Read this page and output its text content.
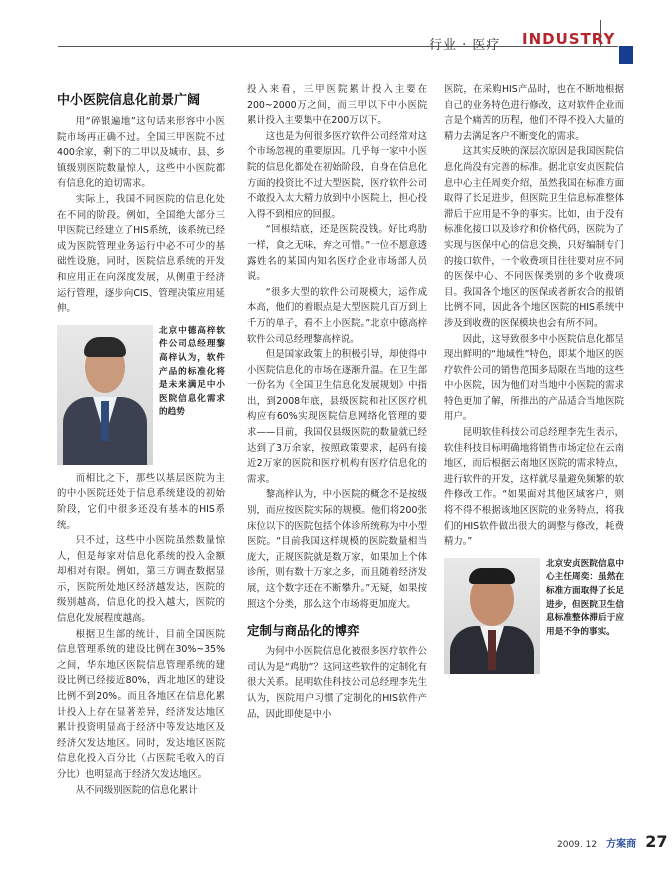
行业 · 医疗 INDUSTRY
中小医院信息化前景广阔

用“碎银遍地”这句话来形容中小医院市场再正确不过。全国三甲医院不过400余家，剩下的二甲以及城市、县、乡镇级别医院数量惊人，这些中小医院都有信息化的迫切需求。

实际上，我国不同医院的信息化处在不同的阶段。例如，全国绝大部分三甲医院已经建立了HIS系统，该系统已经成为医院管理业务运行中必不可少的基础性设施，同时，医院信息系统的开发和应用正在向深度发展，从侧重于经济运行管理，逐步向CIS、管理决策应用延伸。

北京中德高梓软件公司总经理黎高梓认为，软件产品的标准化将是未来满足中小医院信息化需求的趋势

而相比之下，那些以基层医院为主的中小医院还处于信息系统建设的初始阶段，它们中很多还没有基本的HIS系统。

只不过，这些中小医院虽然数量惊人，但是每家对信息化系统的投入金额却相对有限。例如，第三方调查数据显示，医院所处地区经济越发达，医院的级别越高，信息化的投入越大，医院的信息化发展程度越高。

根据卫生部的统计，目前全国医院信息管理系统的建设比例在30%~35%之间，华东地区医院信息管理系统的建设比例已经接近80%，西北地区的建设比例不到20%。而且各地区在信息化累计投入上存在显著差异，经济发达地区累计投资明显高于经济中等发达地区及经济欠发达地区。同时，发达地区医院信息化投入百分比（占医院毛收入的百分比）也明显高于经济欠发达地区。

从不同级别医院的信息化累计

投入来看，三甲医院累计投入主要在200~2000万之间，而三甲以下中小医院累计投入主要集中在200万以下。

这也是为何很多医疗软件公司经常对这个市场忽视的重要原因。几乎每一家中小医院的信息化都处在初始阶段，自身在信息化方面的投资比不过大型医院，医疗软件公司不敢投入太大精力放到中小医院上，担心投入得不到相应的回报。

“回根结底，还是医院没钱。好比鸡肋一样，食之无味，弃之可惜。”一位不愿意透露姓名的某国内知名医疗企业市场部人员说。

“很多大型的软件公司规模大，运作成本高，他们的着眼点是大型医院几百万到上千万的单子，看不上小医院。”北京中德高梓软件公司总经理黎高梓说。

但是国家政策上的积极引导，却使得中小医院信息化的市场在逐渐升温。在卫生部一份名为《全国卫生信息化发展规划》中指出，到2008年底，县级医院和社区医疗机构应有60%实现医院信息网络化管理的要求——目前，我国仅县级医院的数量就已经达到了3万余家，按照政策要求，起码有接近2万家的医院和医疗机构有医疗信息化的需求。

黎高梓认为，中小医院的概念不是按级别，而应按医院实际的规模。他们将200张床位以下的医院包括个体诊所统称为中小型医院。“目前我国这样规模的医院数量相当庞大，正规医院就是数万家，如果加上个体诊所，则有数十万家之多，而且随着经济发展，这个数字还在不断攀升。”无疑，如果按照这个分类，那么这个市场将更加庞大。

定制与商品化的博弈

为何中小医院信息化被很多医疗软件公司认为是“鸡肋”？这同这些软件的定制化有很大关系。昆明软佳科技公司总经理李先生认为，医院用户习惯了定制化的HIS软件产品，因此即使是中小

医院，在采购HIS产品时，也在不断地根据自己的业务特色进行修改，这对软件企业而言是个痛苦的历程，他们不得不投入大量的精力去满足客户不断变化的需求。

这其实反映的深层次原因是我国医院信息化尚没有完善的标准。据北京安贞医院信息中心主任周奕介绍，虽然我国在标准方面取得了长足进步，但医院卫生信息标准整体滞后于应用是不争的事实。比如，由于没有标准化接口以及诊疗和价格代码，医院为了实现与医保中心的信息交换，只好编制专门的接口软件，一个收费项目往往要对应不同的医保中心、不同医保类别的多个收费项目。我国各个地区的医保或者新农合的报销比例不同，因此各个地区医院的HIS系统中涉及到收费的医保模块也会有所不同。

因此，这导致很多中小医院信息化都呈现出鲜明的“地域性”特色，即某个地区的医疗软件公司的销售范围多局限在当地的这些中小医院，因为他们对当地中小医院的需求特色更加了解，所推出的产品适合当地医院用户。

昆明软佳科技公司总经理李先生表示，软佳科技目标明确地将销售市场定位在云南地区，而后根据云南地区医院的需求特点，进行软件的开发，这样就尽量避免频繁的软件修改工作。“如果面对其他区域客户，则将不得不根据该地区医院的业务特点，将我们的HIS软件做出很大的调整与修改，耗费精力。”

北京安贞医院信息中心主任周奕：虽然在标准方面取得了长足进步，但医院卫生信息标准整体滞后于应用是不争的事实。
2009. 12 方案商 27
